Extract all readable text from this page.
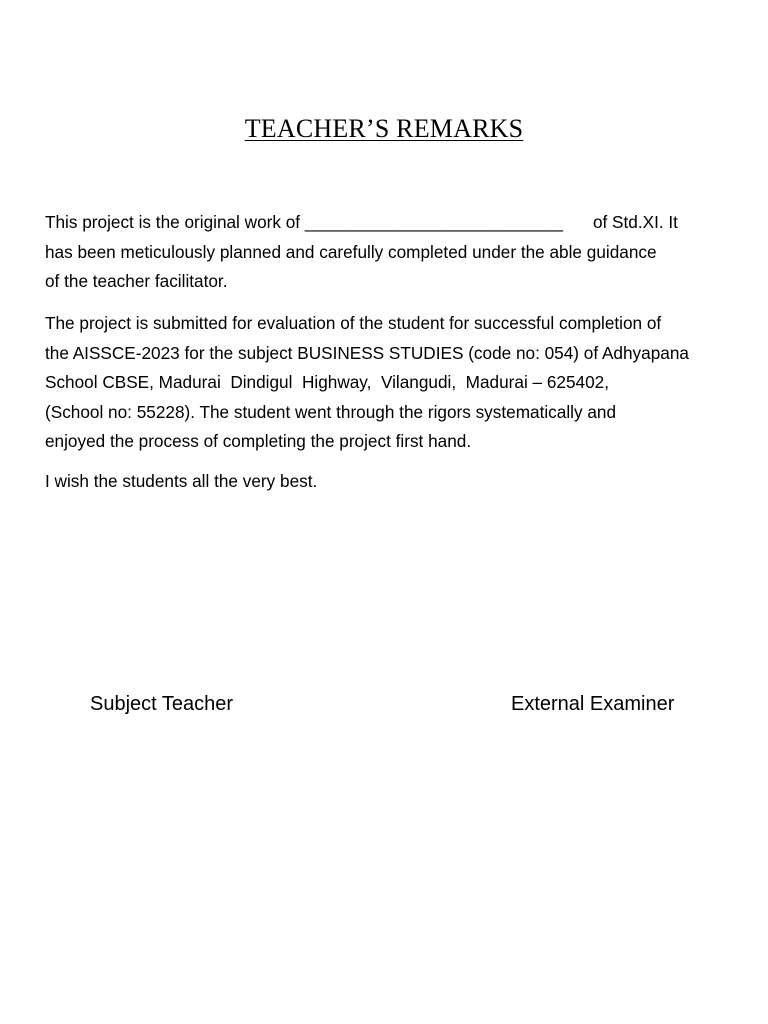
TEACHER’S REMARKS
This project is the original work of ___________________________ of Std.XI. It
has been meticulously planned and carefully completed under the able guidance
of the teacher facilitator.
The project is submitted for evaluation of the student for successful completion of
the AISSCE-2023 for the subject BUSINESS STUDIES (code no: 054) of Adhyapana
School CBSE, Madurai  Dindigul  Highway,  Vilangudi,  Madurai – 625402,
(School no: 55228). The student went through the rigors systematically and
enjoyed the process of completing the project first hand.
I wish the students all the very best.
Subject Teacher	External Examiner
